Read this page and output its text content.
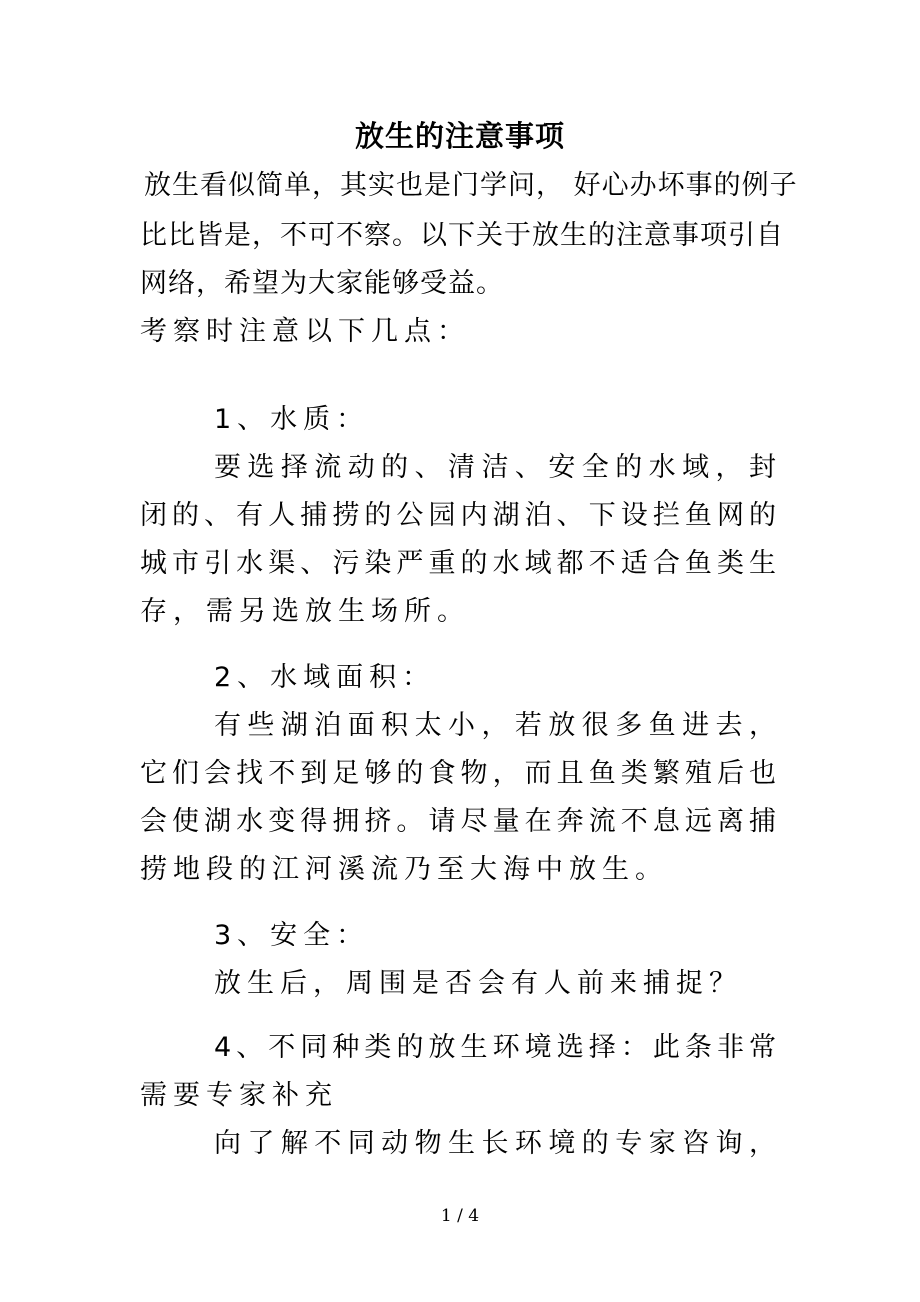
放生的注意事项
放生看似简单，其实也是门学问， 好心办坏事的例子
比比皆是，不可不察。以下关于放生的注意事项引自
网络，希望为大家能够受益。
考察时注意以下几点：
1、水质：
要选择流动的、清洁、安全的水域，封
闭的、有人捕捞的公园内湖泊、下设拦鱼网的
城市引水渠、污染严重的水域都不适合鱼类生
存，需另选放生场所。
2、水域面积：
有些湖泊面积太小，若放很多鱼进去，
它们会找不到足够的食物，而且鱼类繁殖后也
会使湖水变得拥挤。请尽量在奔流不息远离捕
捞地段的江河溪流乃至大海中放生。
3、安全：
放生后，周围是否会有人前来捕捉？
4、不同种类的放生环境选择：此条非常
需要专家补充
向了解不同动物生长环境的专家咨询，
1 / 4
